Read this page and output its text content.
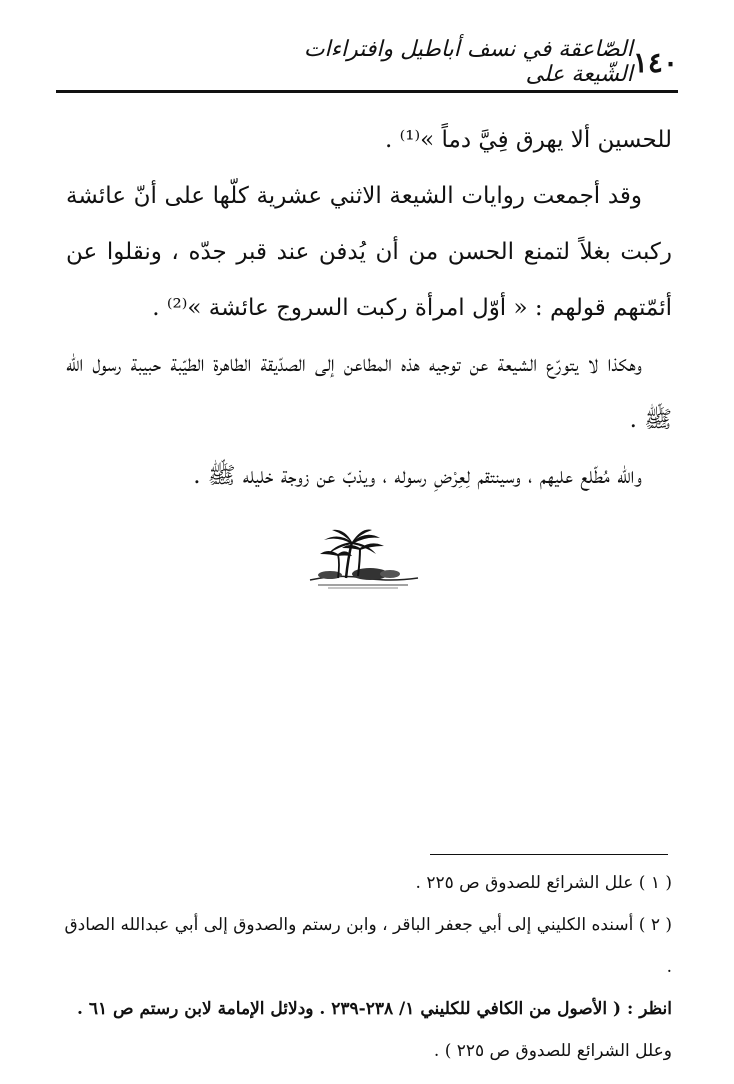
١٤٠
الصّاعقة في نسف أباطيل وافتراءات الشّيعة على

للحسين ألا يهرق فِيَّ دماً »⁽¹⁾ .

وقد أجمعت روايات الشيعة الاثني عشرية كلّها على أنّ عائشة ركبت بغلاً لتمنع الحسن من أن يُدفن عند قبر جدّه ، ونقلوا عن أئمّتهم قولهم : « أوّل امرأة ركبت السروج عائشة »⁽²⁾ .

وهكذا لا يتورّع الشيعة عن توجيه هذه المطاعن إلى الصدّيقة الطاهرة الطيّبة حبيبة رسول الله ﷺ .

والله مُطّلع عليهم ، وسينتقم لِعِرْضِ رسوله ، ويذبّ عن زوجة خليله ﷺ .

( ١ ) علل الشرائع للصدوق ص ٢٢٥ .

( ٢ ) أسنده الكليني إلى أبي جعفر الباقر ، وابن رستم والصدوق إلى أبي عبدالله الصادق .

انظر : ( الأصول من الكافي للكليني ١/ ٢٣٨-٢٣٩ . ودلائل الإمامة لابن رستم ص ٦١ .

وعلل الشرائع للصدوق ص ٢٢٥ ) .
